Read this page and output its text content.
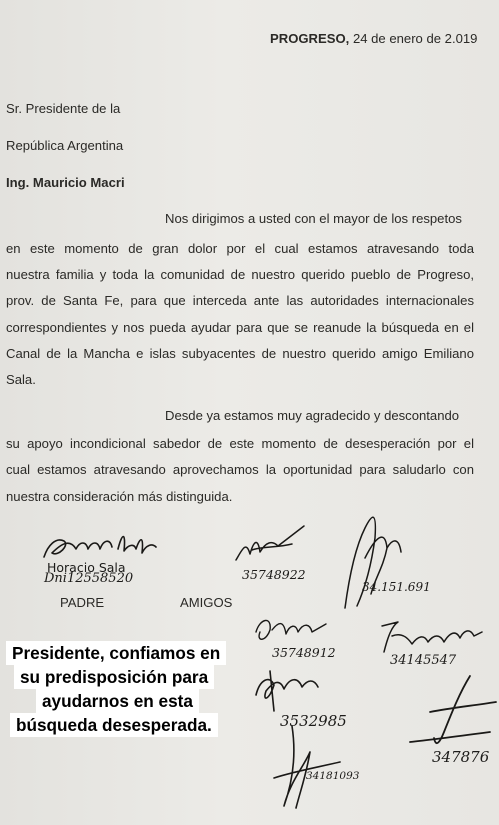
PROGRESO, 24 de enero de 2.019
Sr. Presidente de la
República Argentina
Ing. Mauricio Macri
Nos dirigimos a usted con el mayor de los respetos
en este momento de gran dolor por el cual estamos atravesando toda
nuestra familia y toda la comunidad de nuestro querido pueblo de Progreso,
prov. de Santa Fe, para que interceda ante las autoridades internacionales
correspondientes y nos pueda ayudar para que se reanude la búsqueda en el
Canal de la Mancha e islas subyacentes de nuestro querido amigo Emiliano
Sala.
Desde ya estamos muy agradecido y descontando
su apoyo incondicional sabedor de este momento de desesperación por el
cual estamos atravesando aprovechamos la oportunidad para saludarlo con
nuestra consideración más distinguida.
Horacio Sala
Dni12558520
PADRE	AMIGOS
35748922
34.151.691
35748912
34145547
3532985
347876
34181093
Presidente, confiamos en
su predisposición para
ayudarnos en esta
búsqueda desesperada.
